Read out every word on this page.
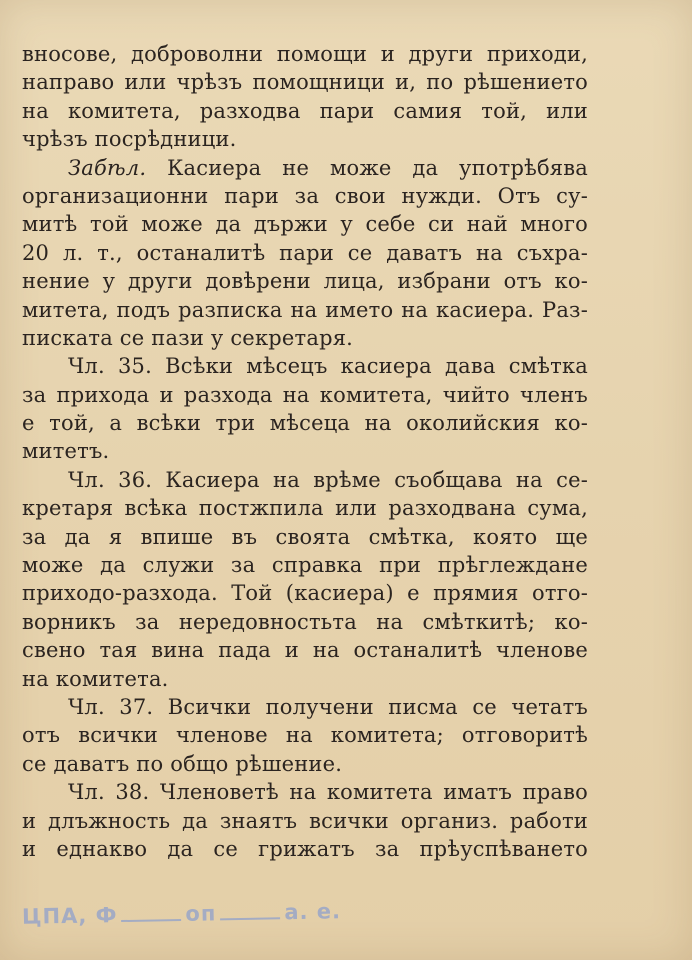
вносове, доброволни помощи и други приходи,
направо или чрѣзъ помощници и, по рѣшението
на комитета, разходва пари самия той, или
чрѣзъ посрѣдници.
Забѣл. Касиера не може да употрѣбява
организационни пари за свои нужди. Отъ су-
митѣ той може да държи у себе си най много
20 л. т., останалитѣ пари се даватъ на съхра-
нение у други довѣрени лица, избрани отъ ко-
митета, подъ разписка на името на касиера. Раз-
писката се пази у секретаря.
Чл. 35. Всѣки мѣсецъ касиера дава смѣтка
за прихода и разхода на комитета, чийто членъ
е той, а всѣки три мѣсеца на околийския ко-
митетъ.
Чл. 36. Касиера на врѣме съобщава на се-
кретаря всѣка постжпила или разходвана сума,
за да я впише въ своята смѣтка, която ще
може да служи за справка при прѣглеждане
приходо-разхода. Той (касиера) е прямия отго-
ворникъ за нередовностьта на смѣткитѣ; ко-
свено тая вина пада и на останалитѣ членове
на комитета.
Чл. 37. Всички получени писма се четатъ
отъ всички членове на комитета; отговоритѣ
се даватъ по общо рѣшение.
Чл. 38. Членоветѣ на комитета иматъ право
и длъжность да знаятъ всички организ. работи
и еднакво да се грижатъ за прѣуспѣването
ЦПА, Ф	оп	а. е.
